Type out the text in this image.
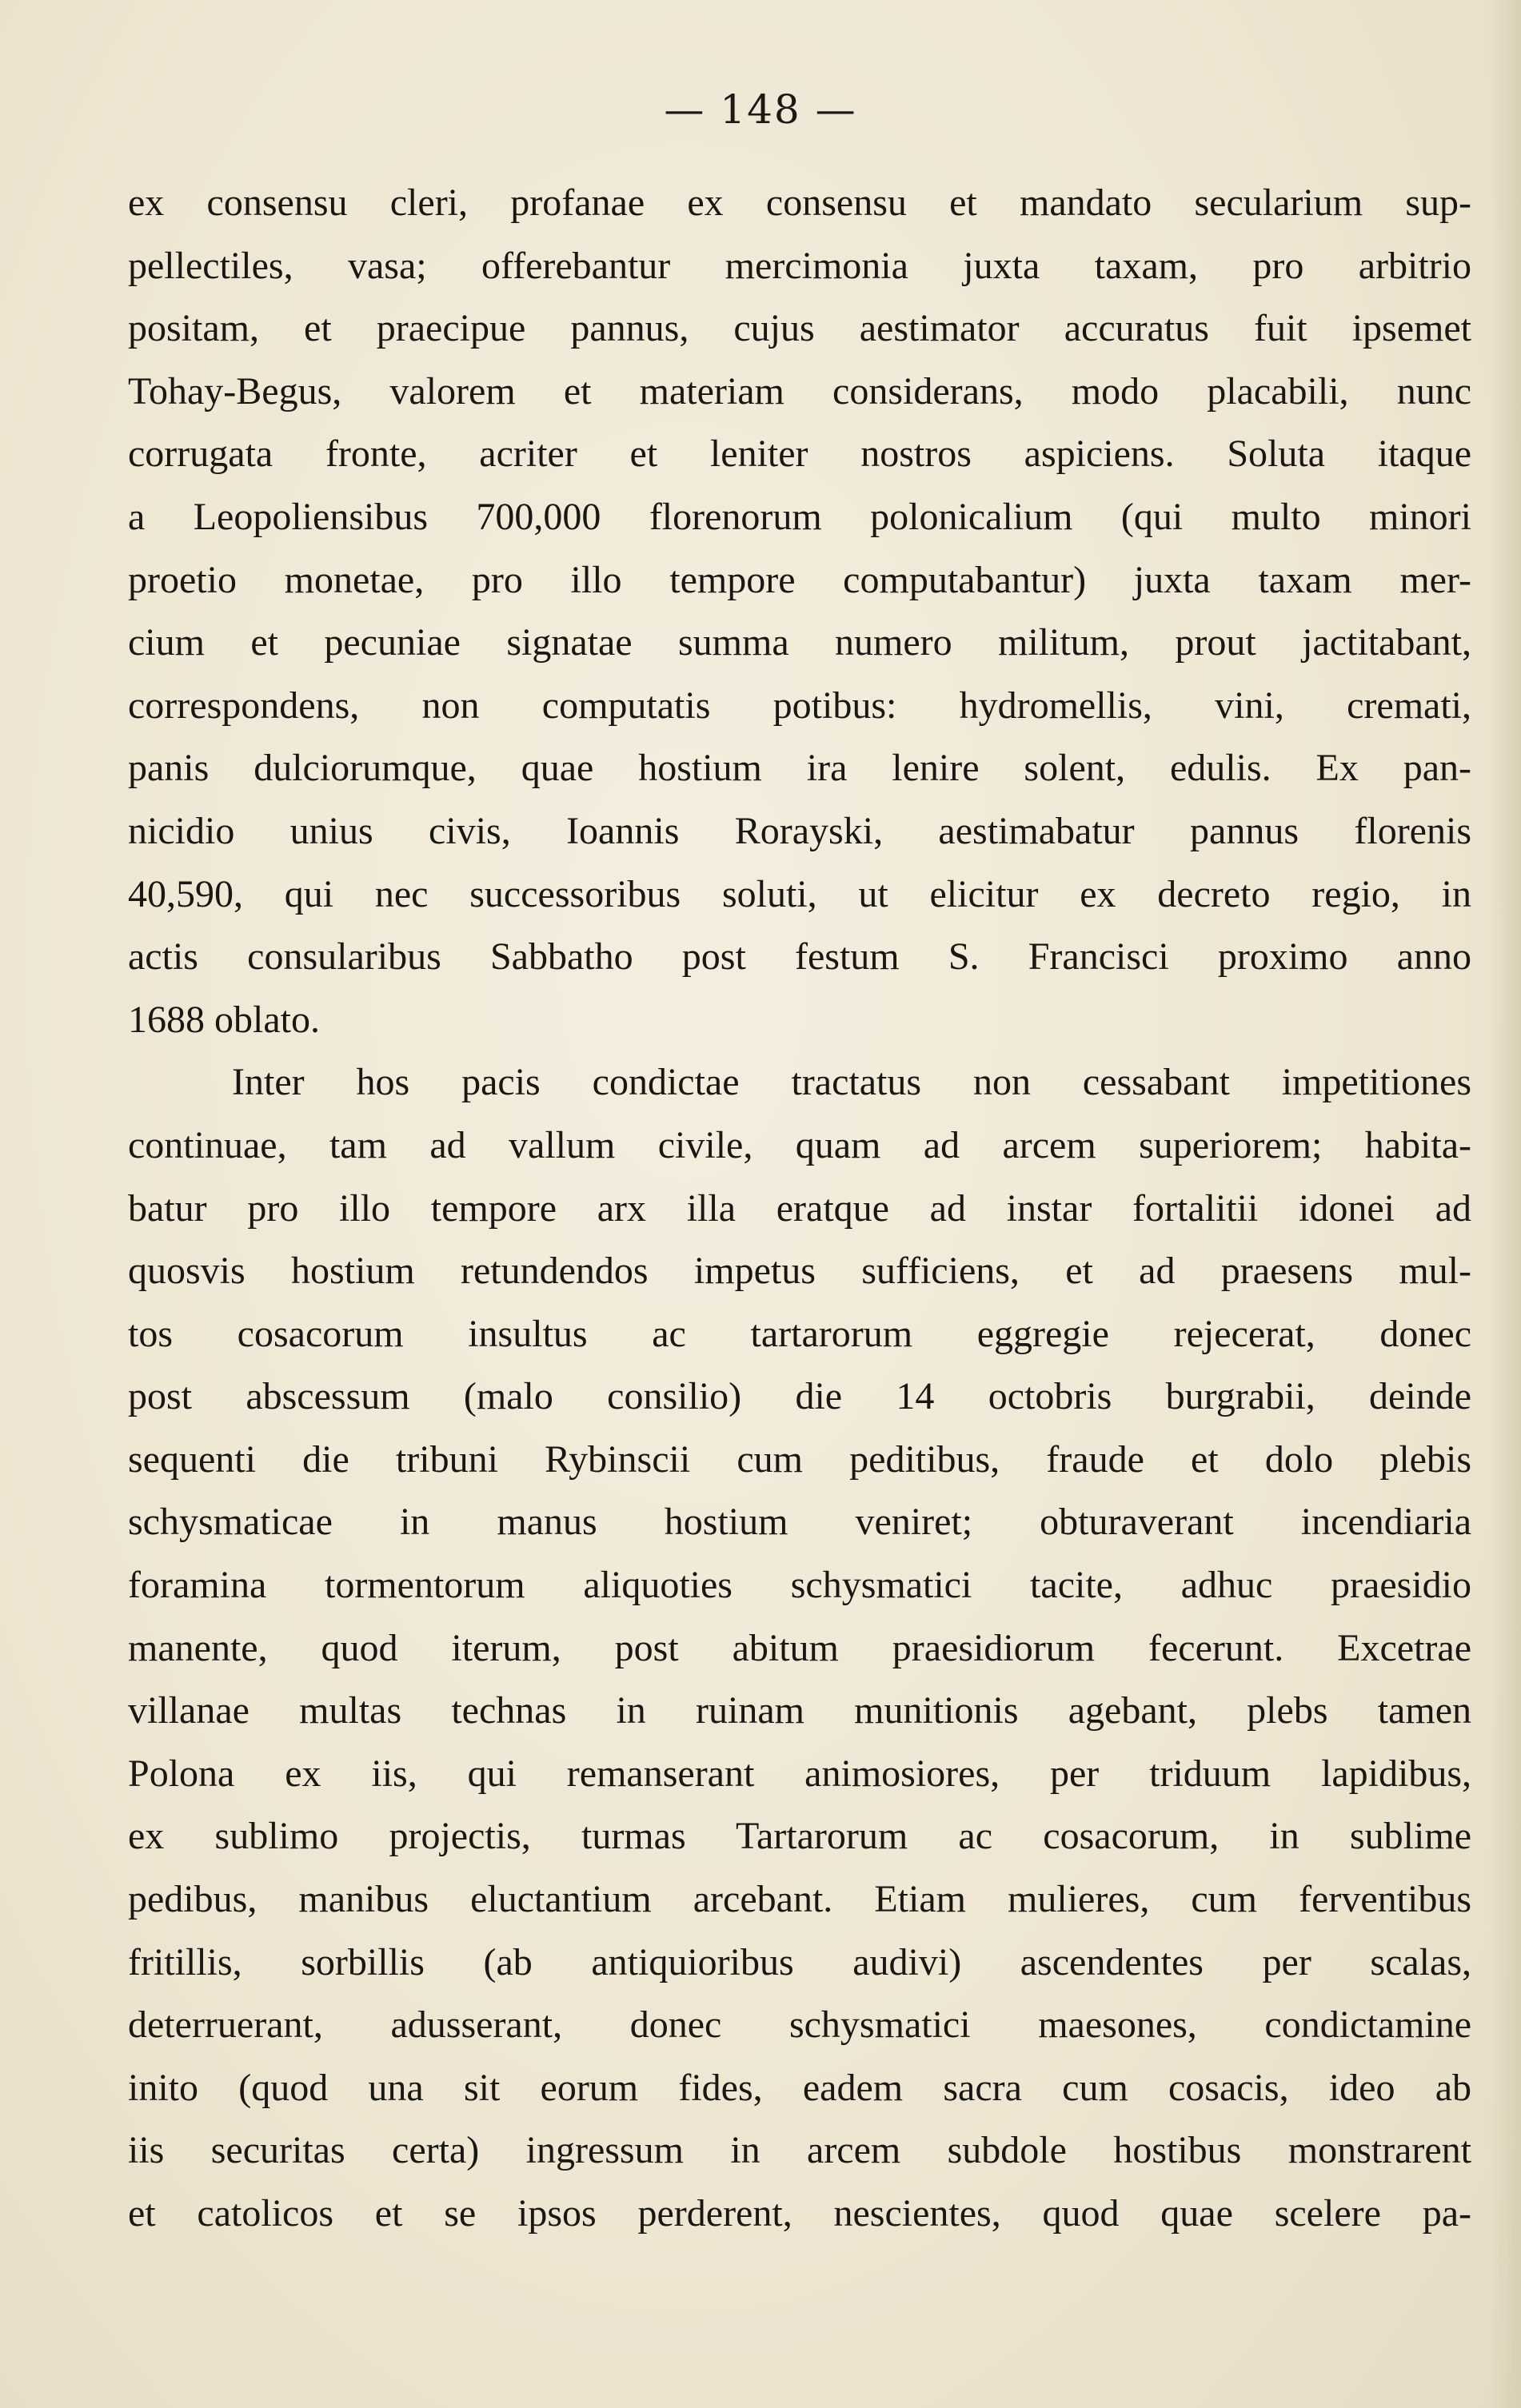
— 148 —
ex consensu cleri, profanae ex consensu et mandato secularium sup-
pellectiles, vasa; offerebantur mercimonia juxta taxam, pro arbitrio
positam, et praecipue pannus, cujus aestimator accuratus fuit ipsemet
Tohay-Begus, valorem et materiam considerans, modo placabili, nunc
corrugata fronte, acriter et leniter nostros aspiciens. Soluta itaque
a Leopoliensibus 700,000 florenorum polonicalium (qui multo minori
proetio monetae, pro illo tempore computabantur) juxta taxam mer-
cium et pecuniae signatae summa numero militum, prout jactitabant,
correspondens, non computatis potibus: hydromellis, vini, cremati,
panis dulciorumque, quae hostium ira lenire solent, edulis. Ex pan-
nicidio unius civis, Ioannis Rorayski, aestimabatur pannus florenis
40,590, qui nec successoribus soluti, ut elicitur ex decreto regio, in
actis consularibus Sabbatho post festum S. Francisci proximo anno
1688 oblato.
Inter hos pacis condictae tractatus non cessabant impetitiones
continuae, tam ad vallum civile, quam ad arcem superiorem; habita-
batur pro illo tempore arx illa eratque ad instar fortalitii idonei ad
quosvis hostium retundendos impetus sufficiens, et ad praesens mul-
tos cosacorum insultus ac tartarorum eggregie rejecerat, donec
post abscessum (malo consilio) die 14 octobris burgrabii, deinde
sequenti die tribuni Rybinscii cum peditibus, fraude et dolo plebis
schysmaticae in manus hostium veniret; obturaverant incendiaria
foramina tormentorum aliquoties schysmatici tacite, adhuc praesidio
manente, quod iterum, post abitum praesidiorum fecerunt. Excetrae
villanae multas technas in ruinam munitionis agebant, plebs tamen
Polona ex iis, qui remanserant animosiores, per triduum lapidibus,
ex sublimo projectis, turmas Tartarorum ac cosacorum, in sublime
pedibus, manibus eluctantium arcebant. Etiam mulieres, cum ferventibus
fritillis, sorbillis (ab antiquioribus audivi) ascendentes per scalas,
deterruerant, adusserant, donec schysmatici maesones, condictamine
inito (quod una sit eorum fides, eadem sacra cum cosacis, ideo ab
iis securitas certa) ingressum in arcem subdole hostibus monstrarent
et catolicos et se ipsos perderent, nescientes, quod quae scelere pa-
